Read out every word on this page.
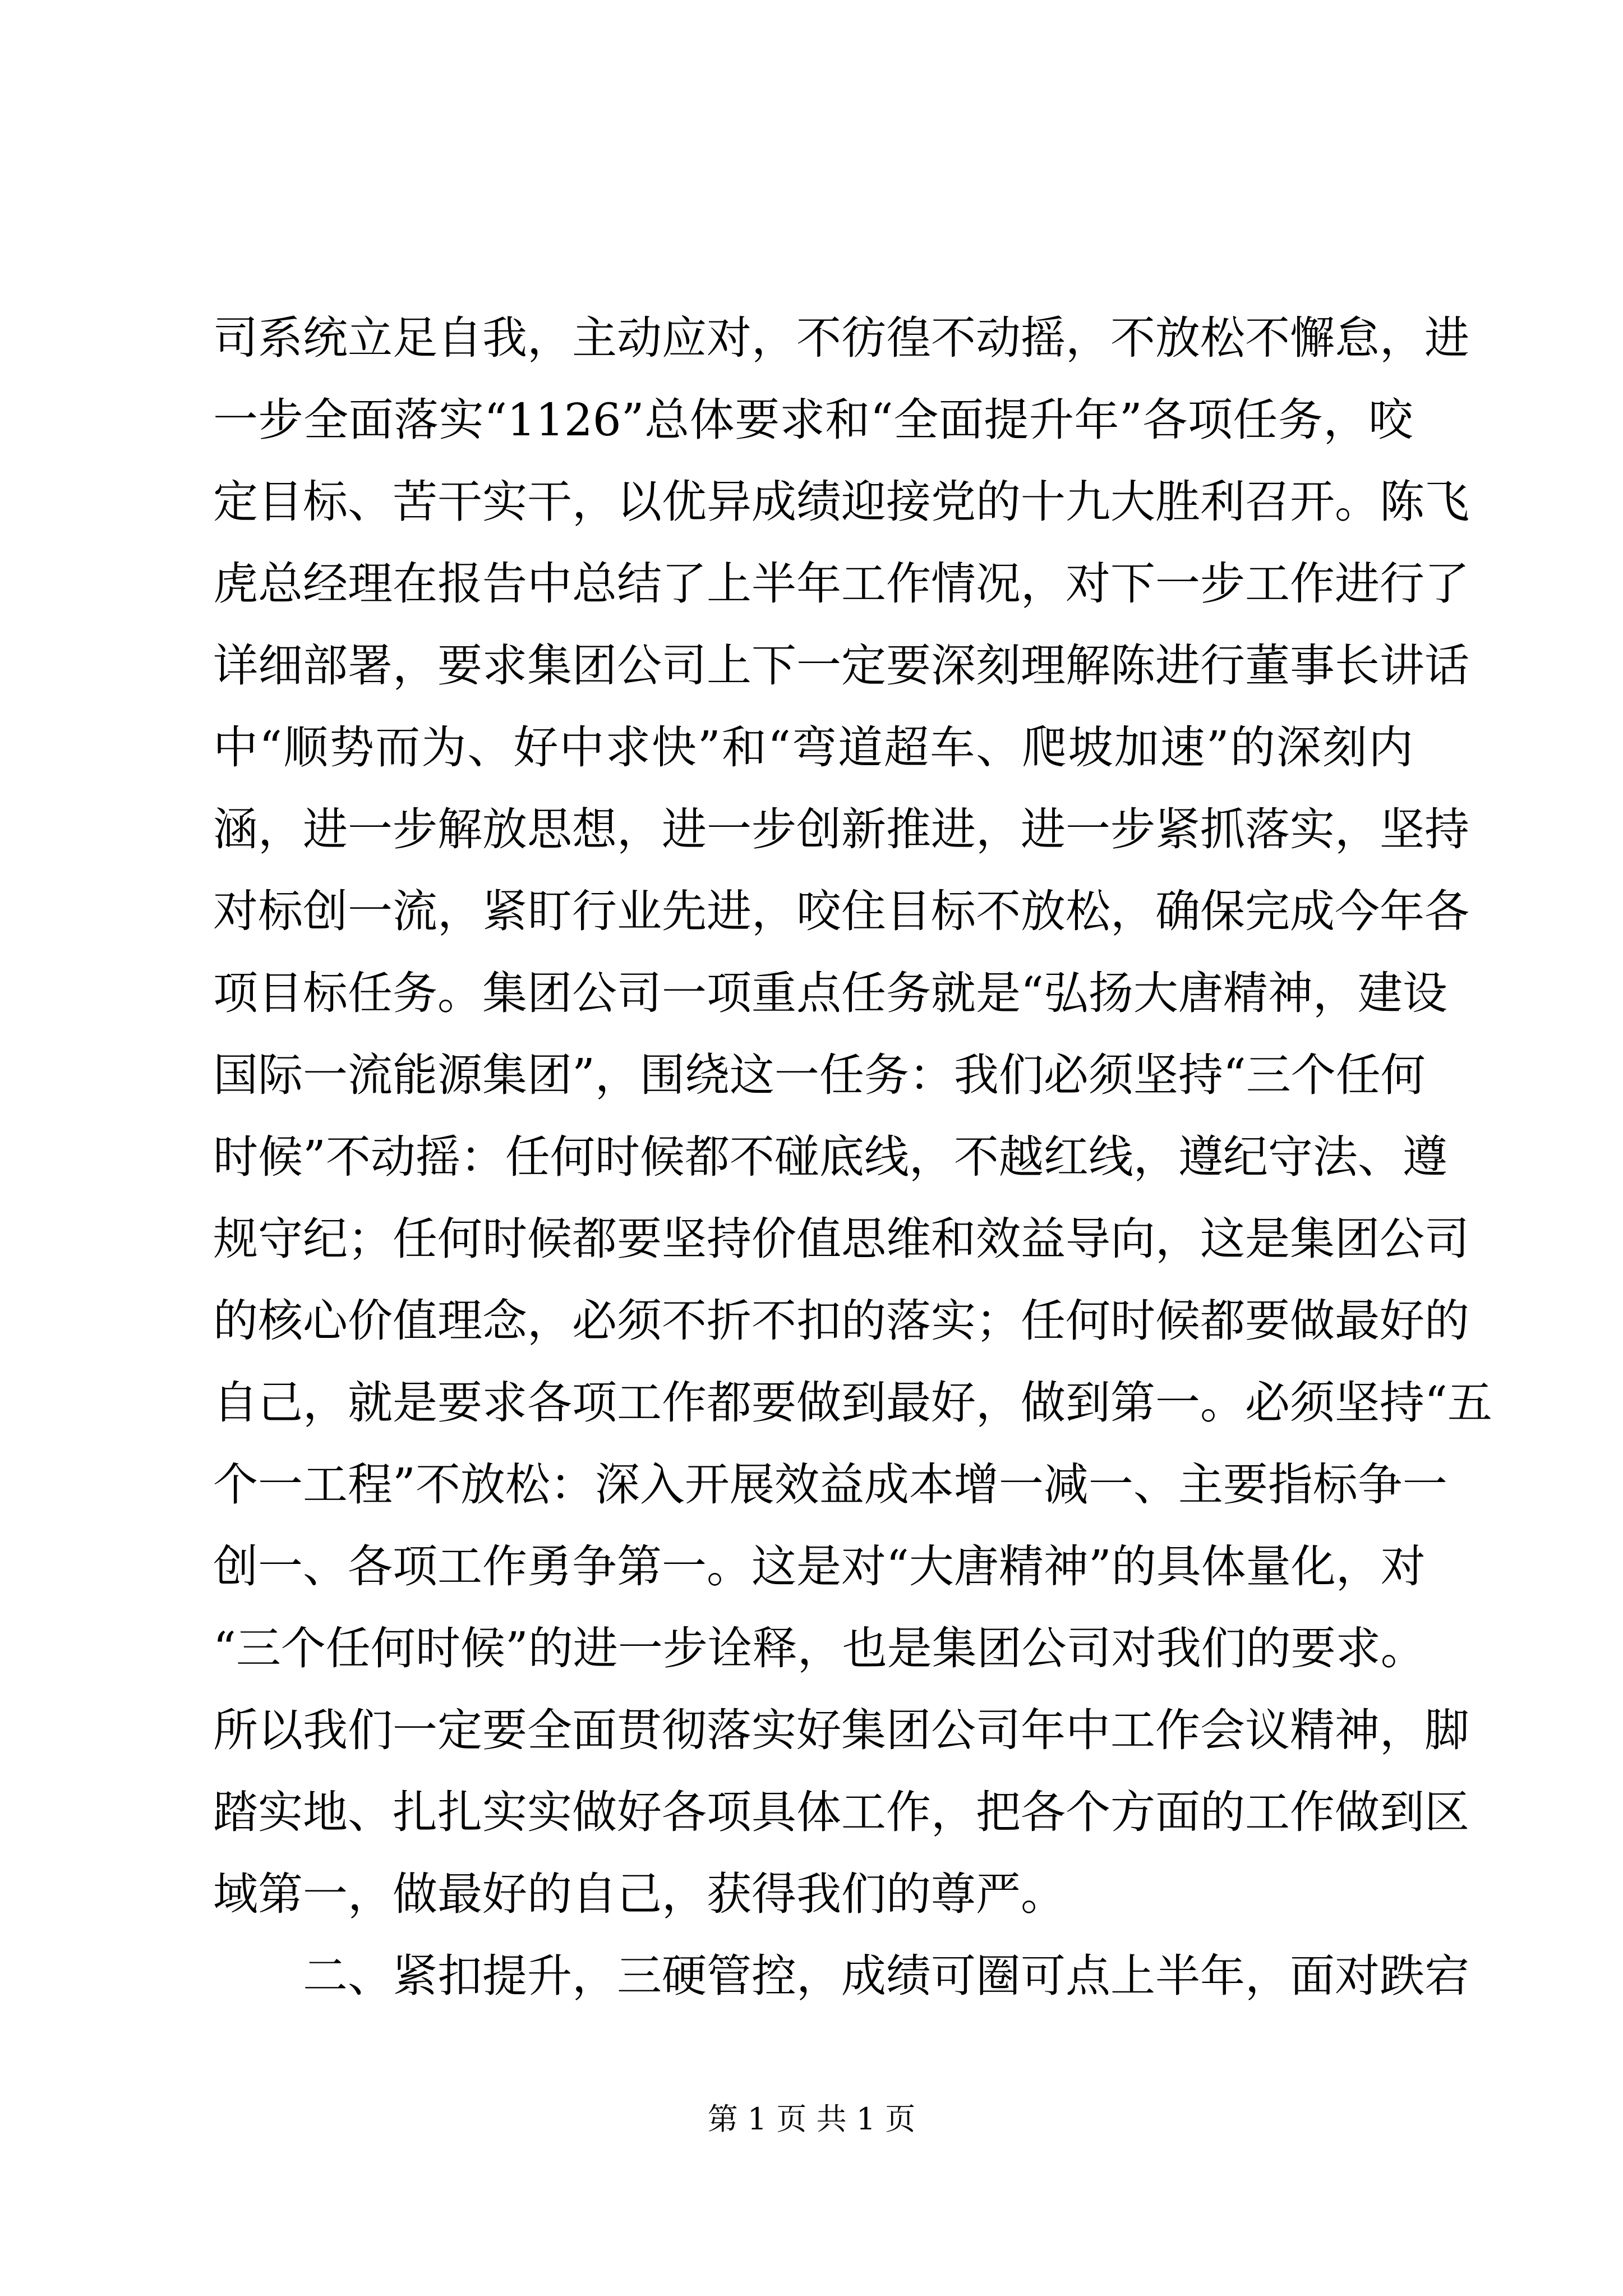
司系统立足自我，主动应对，不彷徨不动摇，不放松不懈怠，进
一步全面落实“1126”总体要求和“全面提升年”各项任务，咬
定目标、苦干实干，以优异成绩迎接党的十九大胜利召开。陈飞
虎总经理在报告中总结了上半年工作情况，对下一步工作进行了
详细部署，要求集团公司上下一定要深刻理解陈进行董事长讲话
中“顺势而为、好中求快”和“弯道超车、爬坡加速”的深刻内
涵，进一步解放思想，进一步创新推进，进一步紧抓落实，坚持
对标创一流，紧盯行业先进，咬住目标不放松，确保完成今年各
项目标任务。集团公司一项重点任务就是“弘扬大唐精神，建设
国际一流能源集团”，围绕这一任务：我们必须坚持“三个任何
时候”不动摇：任何时候都不碰底线，不越红线，遵纪守法、遵
规守纪；任何时候都要坚持价值思维和效益导向，这是集团公司
的核心价值理念，必须不折不扣的落实；任何时候都要做最好的
自己，就是要求各项工作都要做到最好，做到第一。必须坚持“五
个一工程”不放松：深入开展效益成本增一减一、主要指标争一
创一、各项工作勇争第一。这是对“大唐精神”的具体量化，对
“三个任何时候”的进一步诠释，也是集团公司对我们的要求。
所以我们一定要全面贯彻落实好集团公司年中工作会议精神，脚
踏实地、扎扎实实做好各项具体工作，把各个方面的工作做到区
域第一，做最好的自己，获得我们的尊严。
二、紧扣提升，三硬管控，成绩可圈可点上半年，面对跌宕
第 1 页 共 1 页
